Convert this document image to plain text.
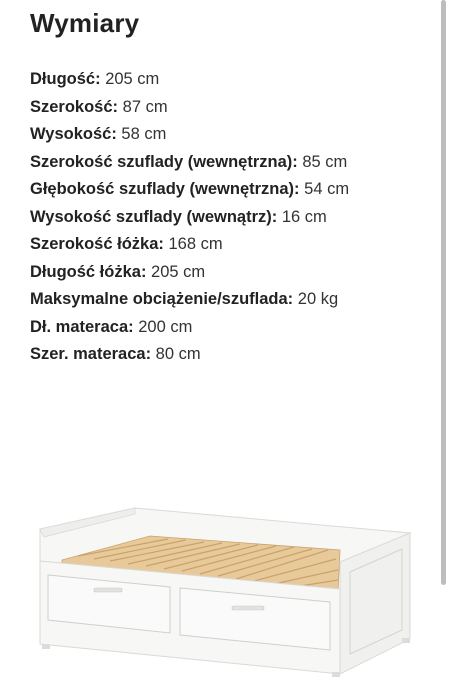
Wymiary
Długość: 205 cm
Szerokość: 87 cm
Wysokość: 58 cm
Szerokość szuflady (wewnętrzna): 85 cm
Głębokość szuflady (wewnętrzna): 54 cm
Wysokość szuflady (wewnątrz): 16 cm
Szerokość łóżka: 168 cm
Długość łóżka: 205 cm
Maksymalne obciążenie/szuflada: 20 kg
Dł. materaca: 200 cm
Szer. materaca: 80 cm
